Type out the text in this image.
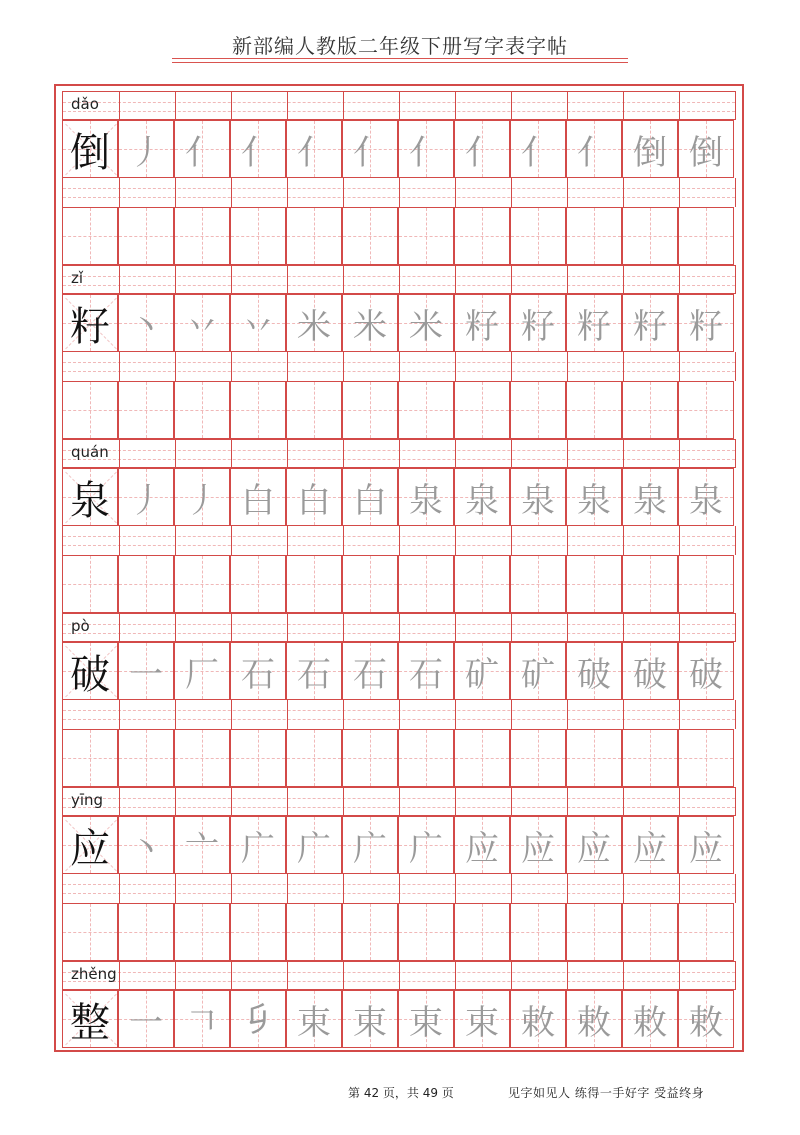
新部编人教版二年级下册写字表字帖
dǎo
倒 丿 亻 亻 亻 亻 亻 亻 亻 亻 倒 倒
zǐ
籽 丶 丷 丷 米 米 米 籽 籽 籽 籽 籽
quán
泉 丿 丿 白 白 白 泉 泉 泉 泉 泉 泉
pò
破 一 厂 石 石 石 石 矿 矿 破 破 破
yīng
应 丶 亠 广 广 广 广 应 应 应 应 应
zhěng
整 一 𠃍 𠂎 束 束 束 束 敕 敕 敕 敕
第 42 页，共 49 页	见字如见人 练得一手好字 受益终身
